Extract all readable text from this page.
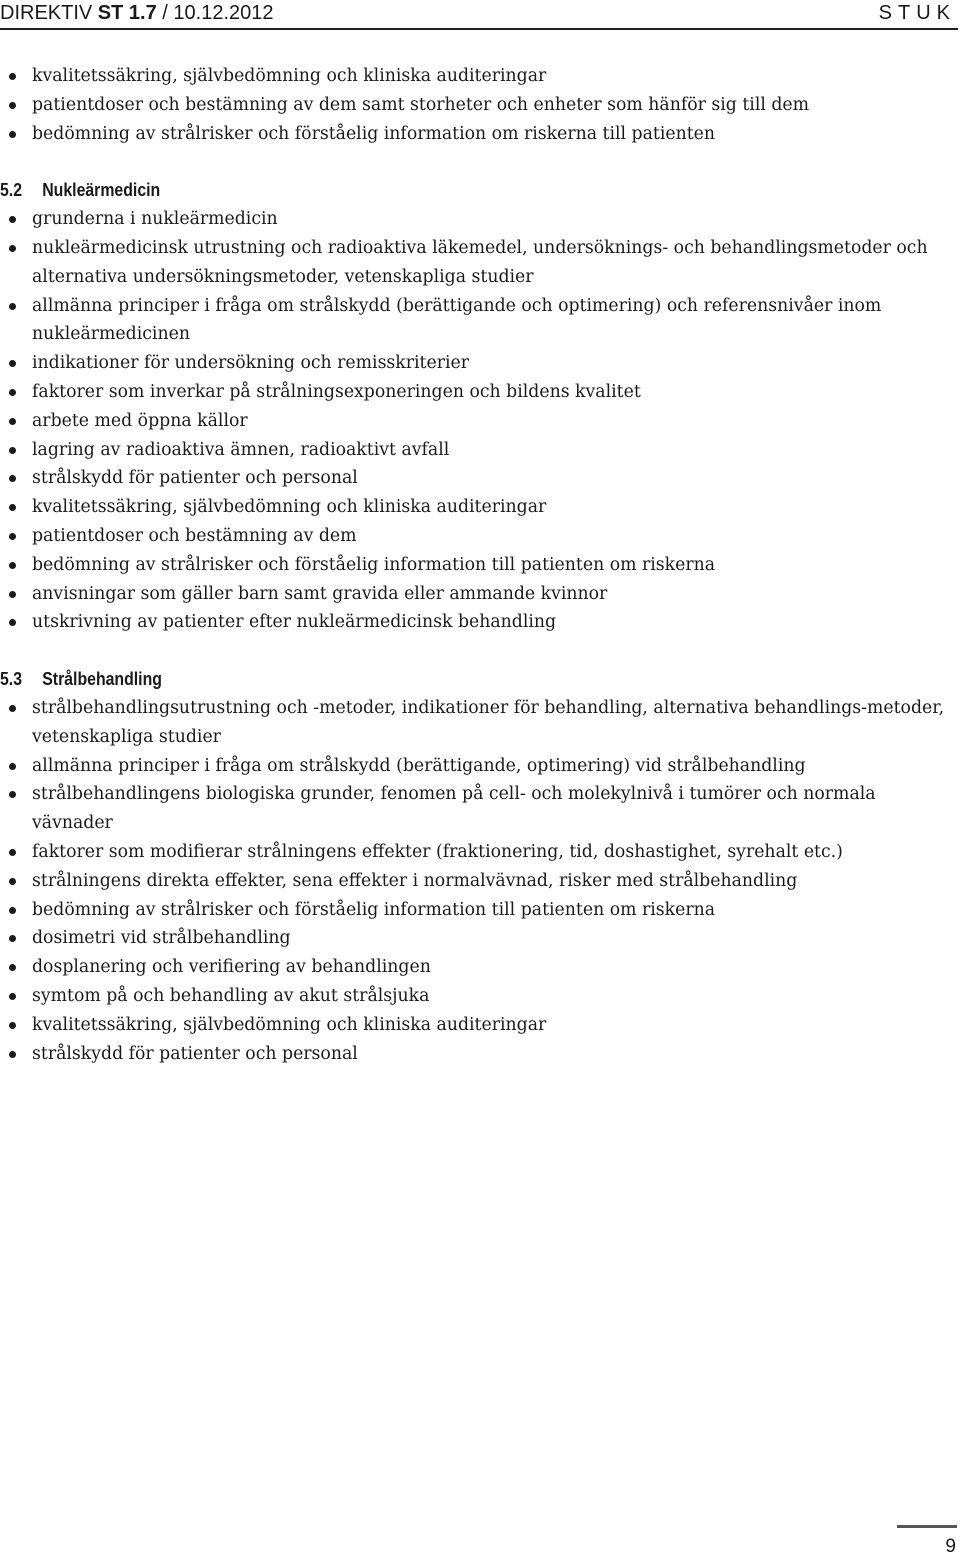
DIREKTIV ST 1.7 / 10.12.2012	STUK
kvalitetssäkring, självbedömning och kliniska auditeringar
patientdoser och bestämning av dem samt storheter och enheter som hänför sig till dem
bedömning av strålrisker och förståelig information om riskerna till patienten
5.2 Nukleärmedicin
grunderna i nukleärmedicin
nukleärmedicinsk utrustning och radioaktiva läkemedel, undersöknings- och behandlingsmetoder och alternativa undersökningsmetoder, vetenskapliga studier
allmänna principer i fråga om strålskydd (berättigande och optimering) och referensnivåer inom nukleärmedicinen
indikationer för undersökning och remisskriterier
faktorer som inverkar på strålningsexponeringen och bildens kvalitet
arbete med öppna källor
lagring av radioaktiva ämnen, radioaktivt avfall
strålskydd för patienter och personal
kvalitetssäkring, självbedömning och kliniska auditeringar
patientdoser och bestämning av dem
bedömning av strålrisker och förståelig information till patienten om riskerna
anvisningar som gäller barn samt gravida eller ammande kvinnor
utskrivning av patienter efter nukleärmedicinsk behandling
5.3 Strålbehandling
strålbehandlingsutrustning och -metoder, indikationer för behandling, alternativa behandlings-metoder, vetenskapliga studier
allmänna principer i fråga om strålskydd (berättigande, optimering) vid strålbehandling
strålbehandlingens biologiska grunder, fenomen på cell- och molekylnivå i tumörer och normala vävnader
faktorer som modifierar strålningens effekter (fraktionering, tid, doshastighet, syrehalt etc.)
strålningens direkta effekter, sena effekter i normalvävnad, risker med strålbehandling
bedömning av strålrisker och förståelig information till patienten om riskerna
dosimetri vid strålbehandling
dosplanering och verifiering av behandlingen
symtom på och behandling av akut strålsjuka
kvalitetssäkring, självbedömning och kliniska auditeringar
strålskydd för patienter och personal
9
